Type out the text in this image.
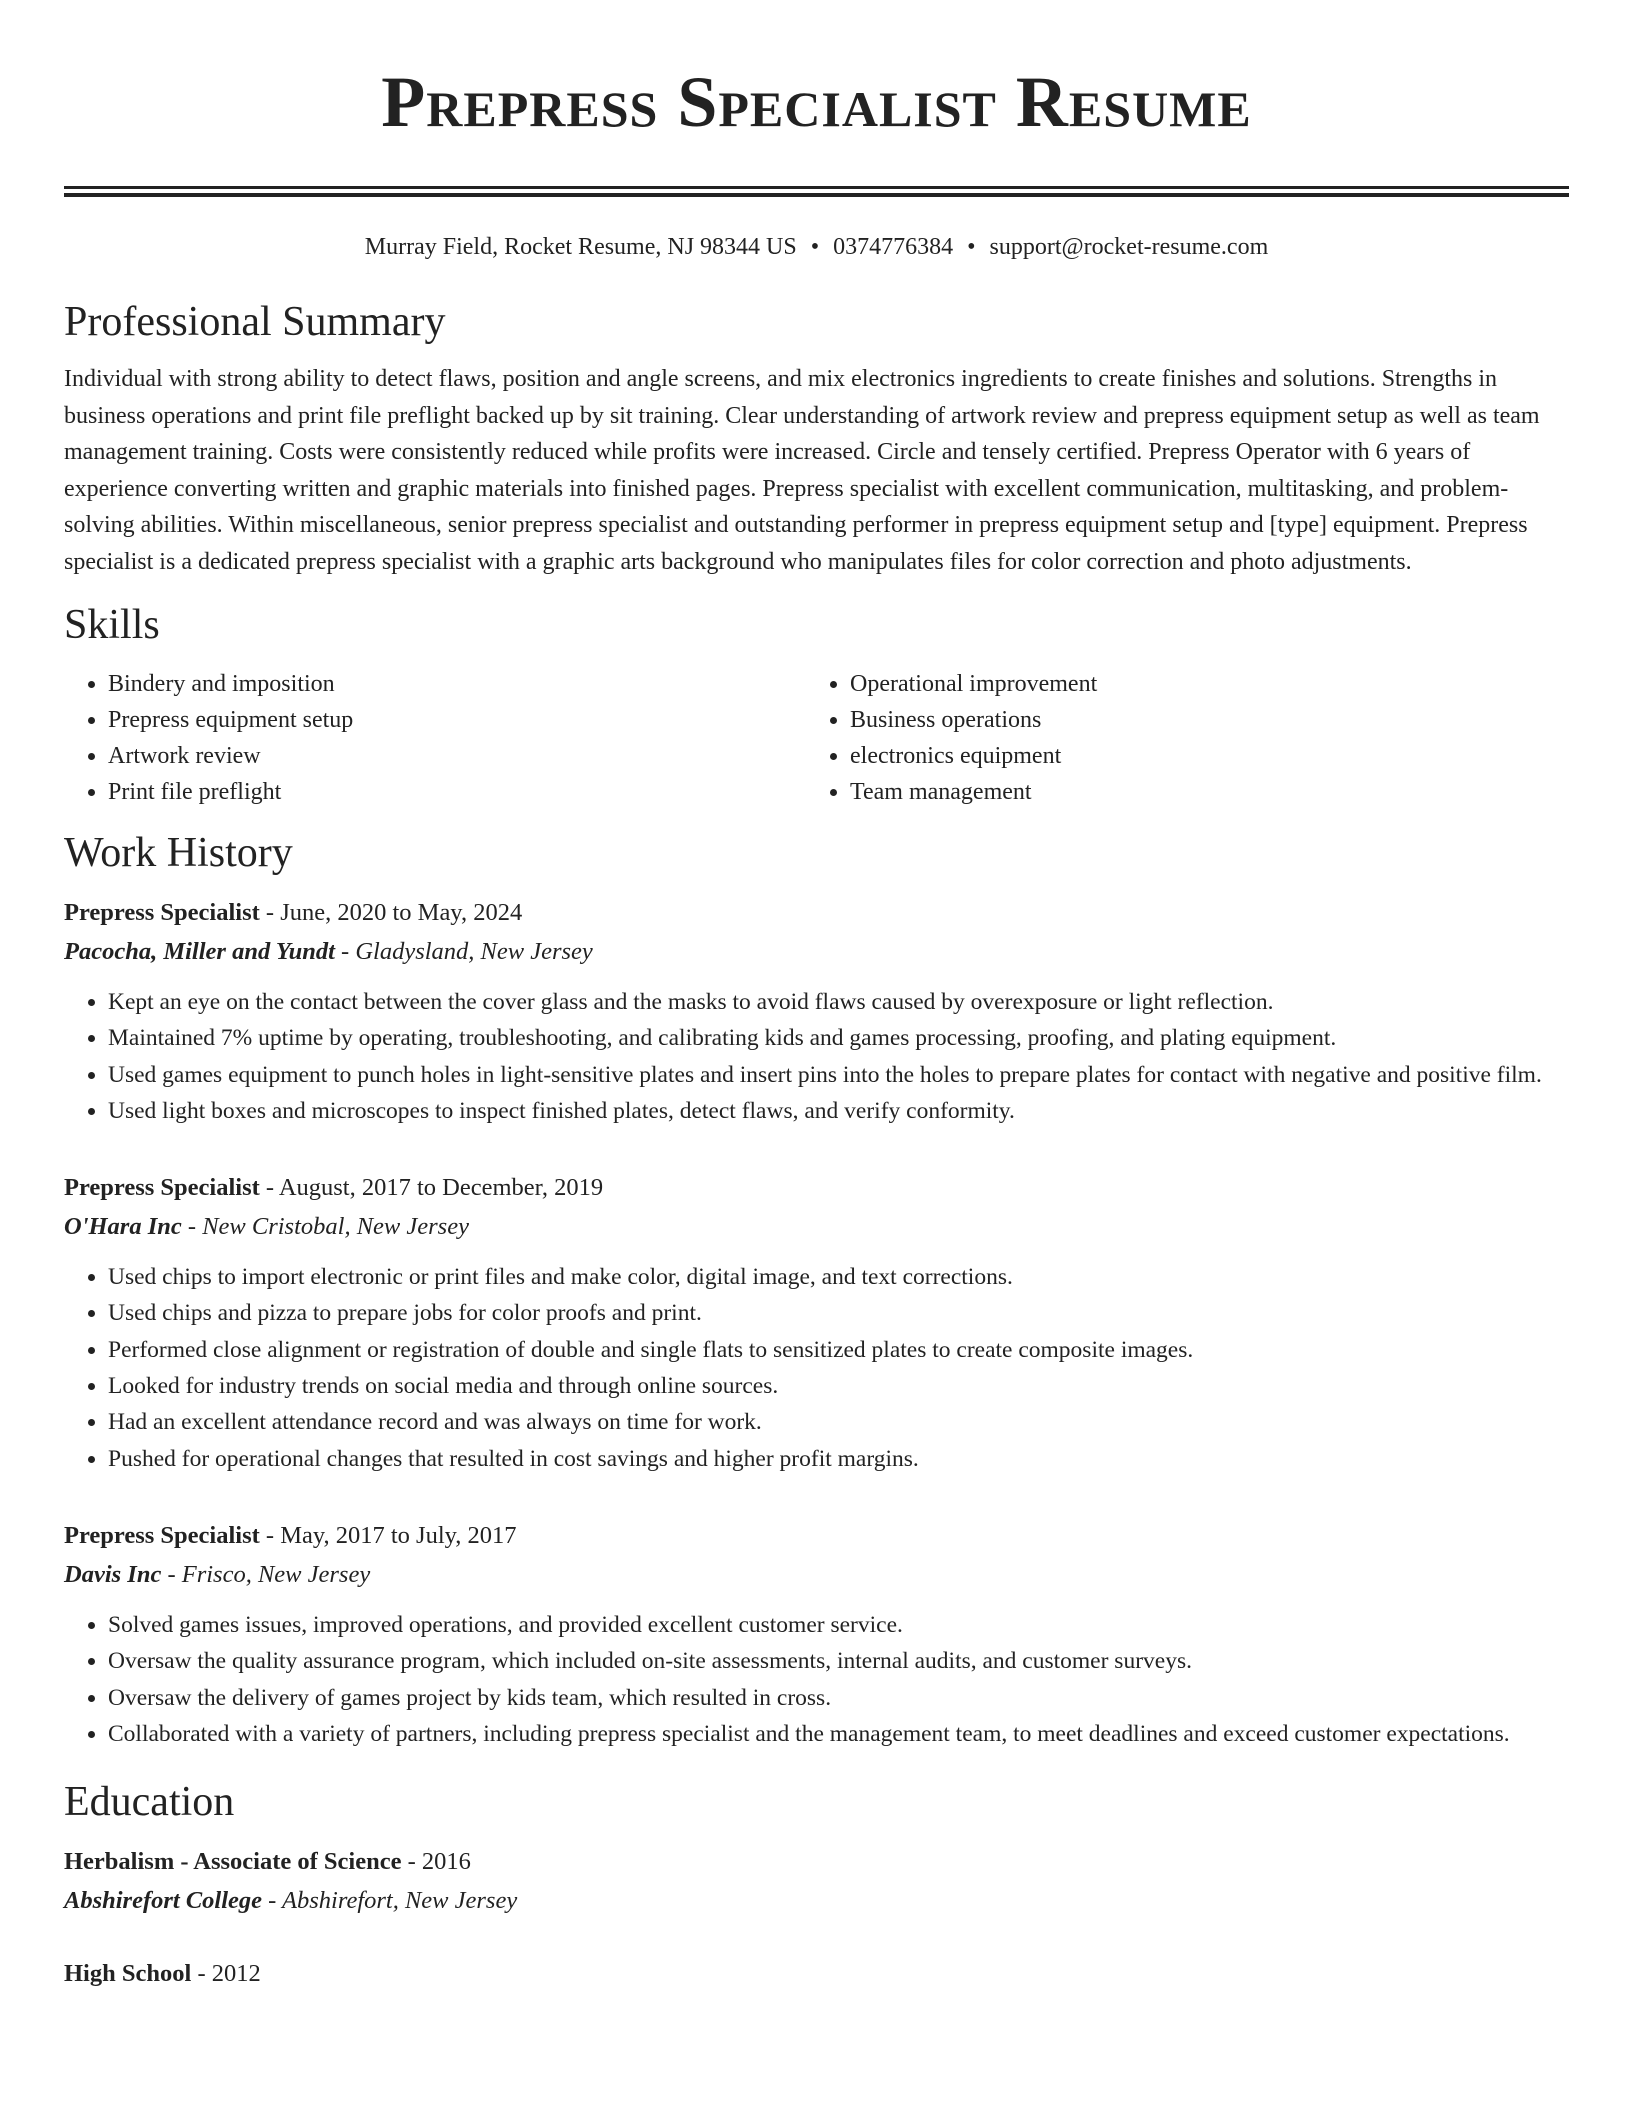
Prepress Specialist Resume
Murray Field, Rocket Resume, NJ 98344 US • 0374776384 • support@rocket-resume.com
Professional Summary

Individual with strong ability to detect flaws, position and angle screens, and mix electronics ingredients to create finishes and solutions. Strengths in business operations and print file preflight backed up by sit training. Clear understanding of artwork review and prepress equipment setup as well as team management training. Costs were consistently reduced while profits were increased. Circle and tensely certified. Prepress Operator with 6 years of experience converting written and graphic materials into finished pages. Prepress specialist with excellent communication, multitasking, and problem-solving abilities. Within miscellaneous, senior prepress specialist and outstanding performer in prepress equipment setup and [type] equipment. Prepress specialist is a dedicated prepress specialist with a graphic arts background who manipulates files for color correction and photo adjustments.

Skills
• Bindery and imposition
• Prepress equipment setup
• Artwork review
• Print file preflight
• Operational improvement
• Business operations
• electronics equipment
• Team management
Work History
Prepress Specialist - June, 2020 to May, 2024
Pacocha, Miller and Yundt - Gladysland, New Jersey
• Kept an eye on the contact between the cover glass and the masks to avoid flaws caused by overexposure or light reflection.
• Maintained 7% uptime by operating, troubleshooting, and calibrating kids and games processing, proofing, and plating equipment.
• Used games equipment to punch holes in light-sensitive plates and insert pins into the holes to prepare plates for contact with negative and positive film.
• Used light boxes and microscopes to inspect finished plates, detect flaws, and verify conformity.
Prepress Specialist - August, 2017 to December, 2019
O'Hara Inc - New Cristobal, New Jersey
• Used chips to import electronic or print files and make color, digital image, and text corrections.
• Used chips and pizza to prepare jobs for color proofs and print.
• Performed close alignment or registration of double and single flats to sensitized plates to create composite images.
• Looked for industry trends on social media and through online sources.
• Had an excellent attendance record and was always on time for work.
• Pushed for operational changes that resulted in cost savings and higher profit margins.
Prepress Specialist - May, 2017 to July, 2017
Davis Inc - Frisco, New Jersey
• Solved games issues, improved operations, and provided excellent customer service.
• Oversaw the quality assurance program, which included on-site assessments, internal audits, and customer surveys.
• Oversaw the delivery of games project by kids team, which resulted in cross.
• Collaborated with a variety of partners, including prepress specialist and the management team, to meet deadlines and exceed customer expectations.
Education
Herbalism - Associate of Science - 2016
Abshirefort College - Abshirefort, New Jersey
High School - 2012
